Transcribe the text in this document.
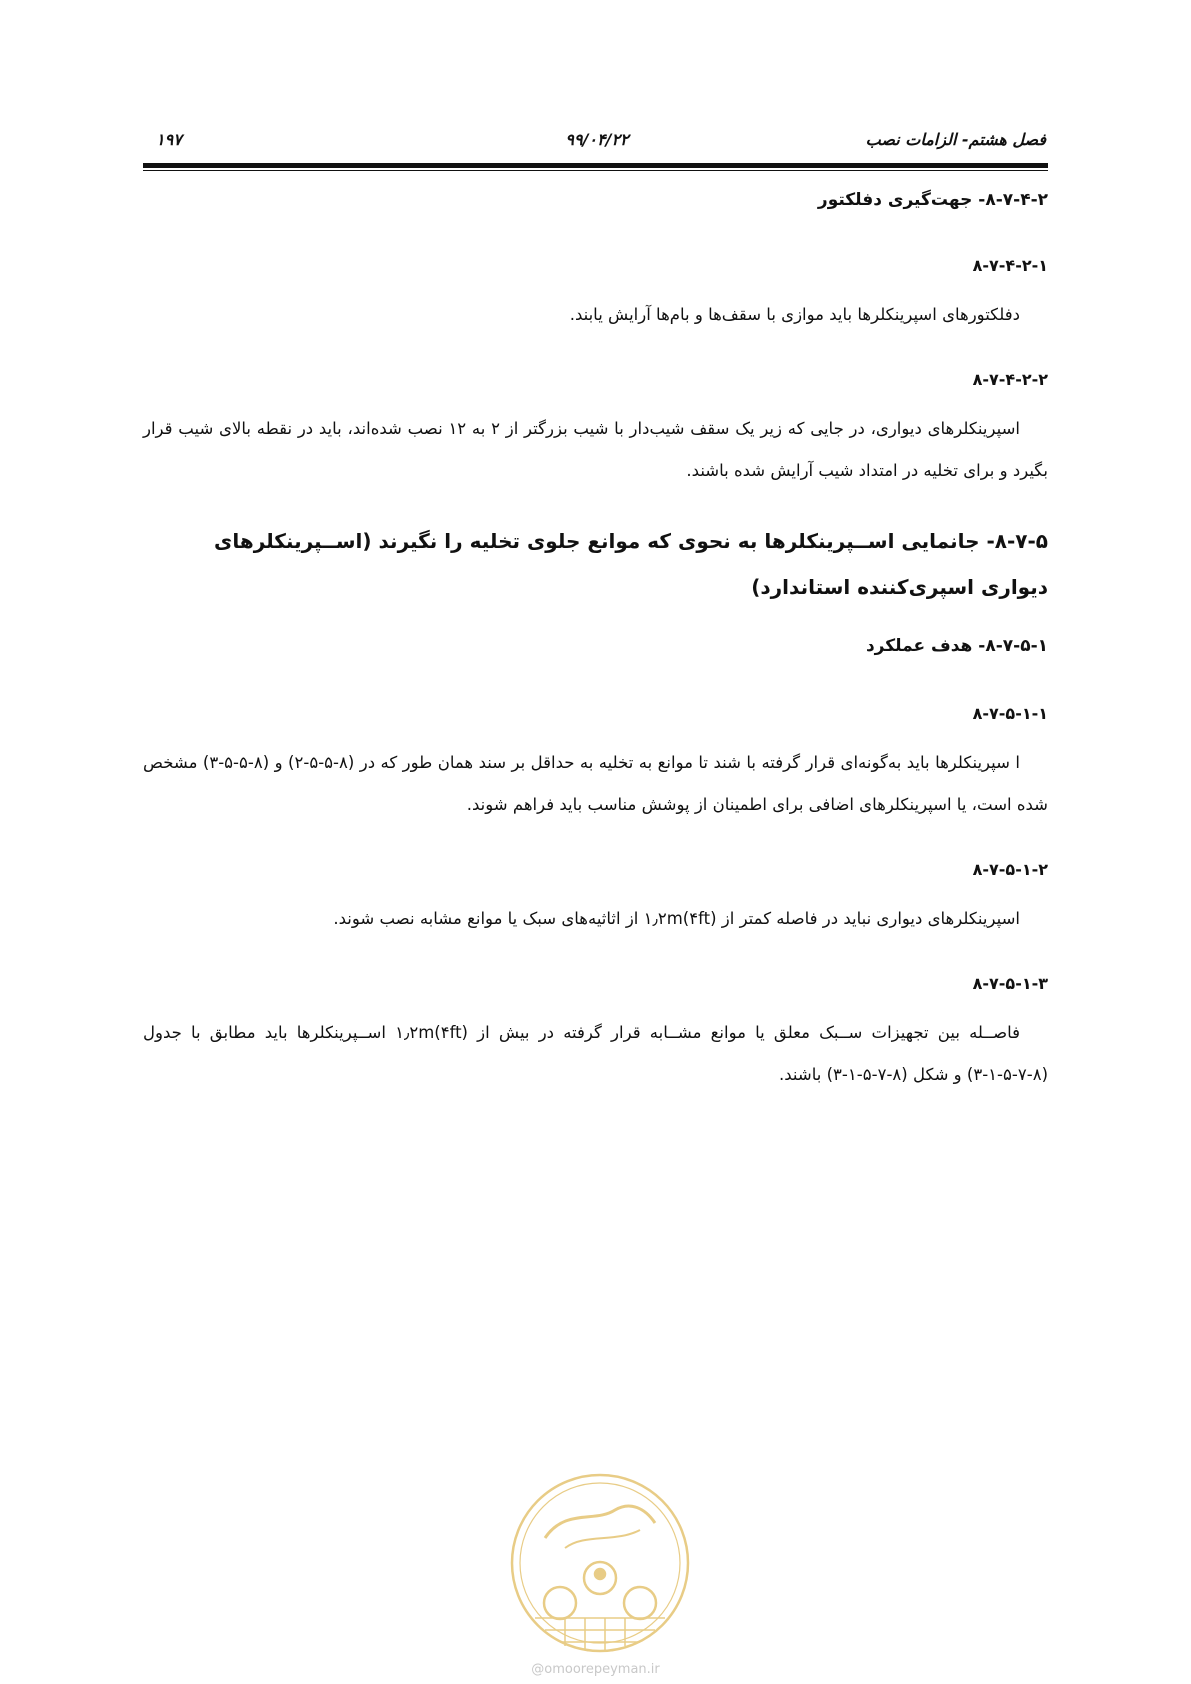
فصل هشتم- الزامات نصب
۹۹/۰۴/۲۲
۱۹۷
۸-۷-۴-۲- جهت‌گیری دفلکتور
۸-۷-۴-۲-۱
دفلکتورهای اسپرینکلرها باید موازی با سقف‌ها و بام‌ها آرایش یابند.
۸-۷-۴-۲-۲
اسپرینکلرهای دیواری، در جایی که زیر یک سقف شیب‌دار با شیب بزرگتر از ۲ به ۱۲ نصب شده‌اند، باید در نقطه بالای شیب قرار بگیرد و برای تخلیه در امتداد شیب آرایش شده باشند.
۸-۷-۵- جانمایی اســپرینکلرها به نحوی که موانع جلوی تخلیه را نگیرند (اســپرینکلرهای دیواری اسپری‌کننده استاندارد)
۸-۷-۵-۱- هدف عملکرد
۸-۷-۵-۱-۱
ا سپرینکلرها باید به‌گونه‌ای قرار گرفته با شند تا موانع به تخلیه به حداقل بر سند همان طور که در (۸-۵-۵-۲) و (۸-۵-۵-۳) مشخص شده است، یا اسپرینکلرهای اضافی برای اطمینان از پوشش مناسب باید فراهم شوند.
۸-۷-۵-۱-۲
اسپرینکلرهای دیواری نباید در فاصله کمتر از ۱٫۲m(۴ft) از اثاثیه‌های سبک یا موانع مشابه نصب شوند.
۸-۷-۵-۱-۳
فاصــله بین تجهیزات ســبک معلق یا موانع مشــابه قرار گرفته در بیش از ۱٫۲m(۴ft) اســپرینکلرها باید مطابق با جدول (۸-۷-۵-۱-۳) و شکل (۸-۷-۵-۱-۳) باشند.
@omoorepeyman.ir
